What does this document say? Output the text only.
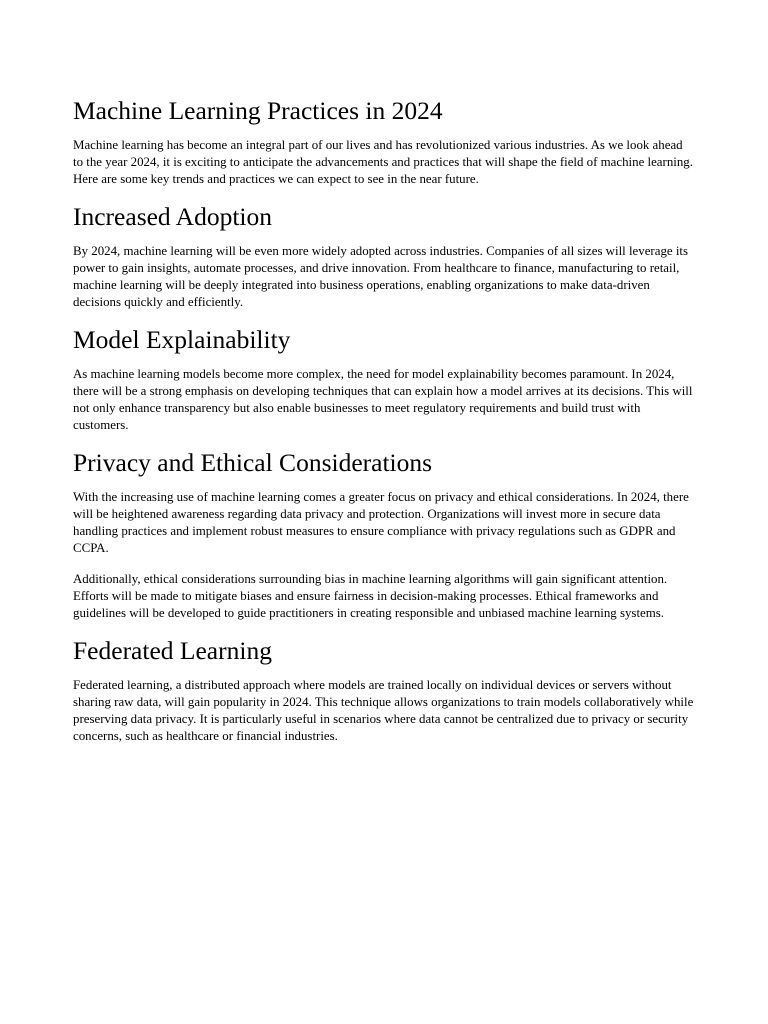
Machine Learning Practices in 2024

Machine learning has become an integral part of our lives and has revolutionized various industries. As we look ahead to the year 2024, it is exciting to anticipate the advancements and practices that will shape the field of machine learning. Here are some key trends and practices we can expect to see in the near future.

Increased Adoption

By 2024, machine learning will be even more widely adopted across industries. Companies of all sizes will leverage its power to gain insights, automate processes, and drive innovation. From healthcare to finance, manufacturing to retail, machine learning will be deeply integrated into business operations, enabling organizations to make data-driven decisions quickly and efficiently.

Model Explainability

As machine learning models become more complex, the need for model explainability becomes paramount. In 2024, there will be a strong emphasis on developing techniques that can explain how a model arrives at its decisions. This will not only enhance transparency but also enable businesses to meet regulatory requirements and build trust with customers.

Privacy and Ethical Considerations

With the increasing use of machine learning comes a greater focus on privacy and ethical considerations. In 2024, there will be heightened awareness regarding data privacy and protection. Organizations will invest more in secure data handling practices and implement robust measures to ensure compliance with privacy regulations such as GDPR and CCPA.

Additionally, ethical considerations surrounding bias in machine learning algorithms will gain significant attention. Efforts will be made to mitigate biases and ensure fairness in decision-making processes. Ethical frameworks and guidelines will be developed to guide practitioners in creating responsible and unbiased machine learning systems.

Federated Learning

Federated learning, a distributed approach where models are trained locally on individual devices or servers without sharing raw data, will gain popularity in 2024. This technique allows organizations to train models collaboratively while preserving data privacy. It is particularly useful in scenarios where data cannot be centralized due to privacy or security concerns, such as healthcare or financial industries.
